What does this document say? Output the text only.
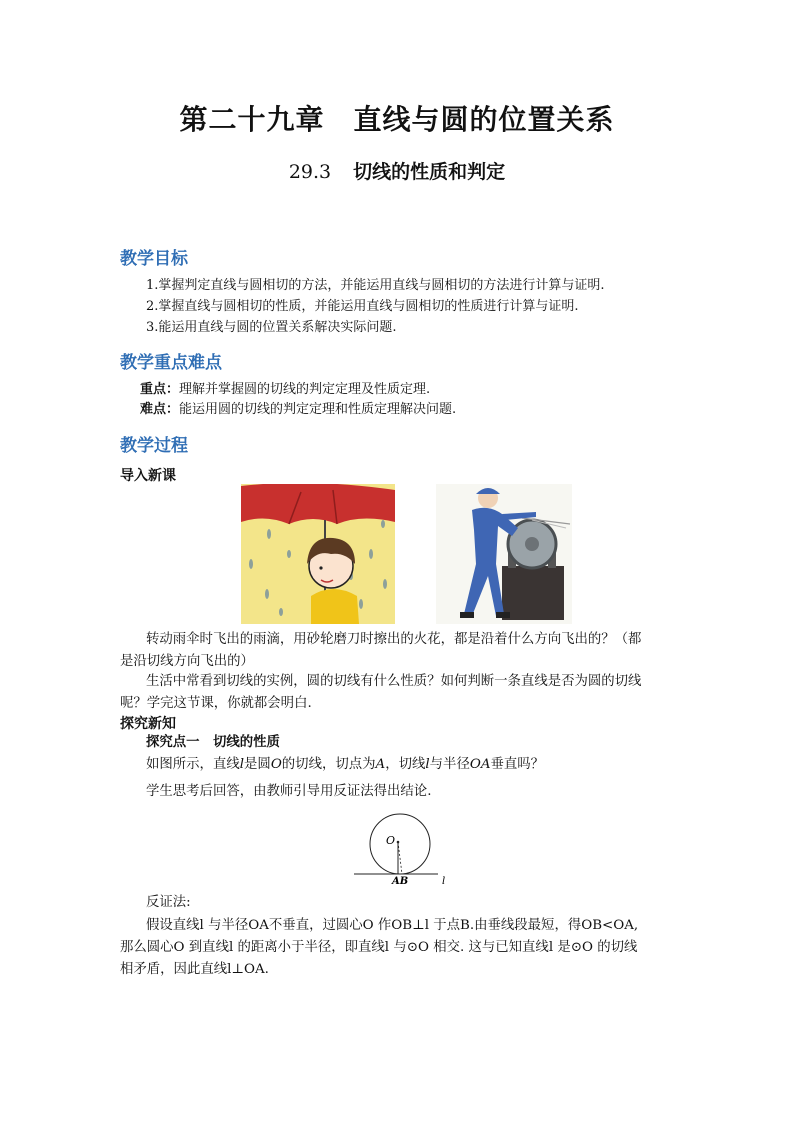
第二十九章　直线与圆的位置关系
29.3 切线的性质和判定
教学目标
1.掌握判定直线与圆相切的方法，并能运用直线与圆相切的方法进行计算与证明.
2.掌握直线与圆相切的性质，并能运用直线与圆相切的性质进行计算与证明.
3.能运用直线与圆的位置关系解决实际问题.
教学重点难点
重点：理解并掌握圆的切线的判定定理及性质定理.
难点：能运用圆的切线的判定定理和性质定理解决问题.
教学过程
导入新课
转动雨伞时飞出的雨滴，用砂轮磨刀时擦出的火花，都是沿着什么方向飞出的？（都
是沿切线方向飞出的）
生活中常看到切线的实例，圆的切线有什么性质？如何判断一条直线是否为圆的切线
呢？学完这节课，你就都会明白.
探究新知
探究点一　切线的性质
如图所示，直线l是圆O的切线，切点为A，切线l与半径OA垂直吗？
学生思考后回答，由教师引导用反证法得出结论.
O
AB	l
反证法:
假设直线l 与半径OA不垂直，过圆心O 作OB⊥l 于点B.由垂线段最短，得OB<OA,
那么圆心O 到直线l 的距离小于半径，即直线l 与⊙O 相交. 这与已知直线l 是⊙O 的切线
相矛盾，因此直线l⊥OA.
